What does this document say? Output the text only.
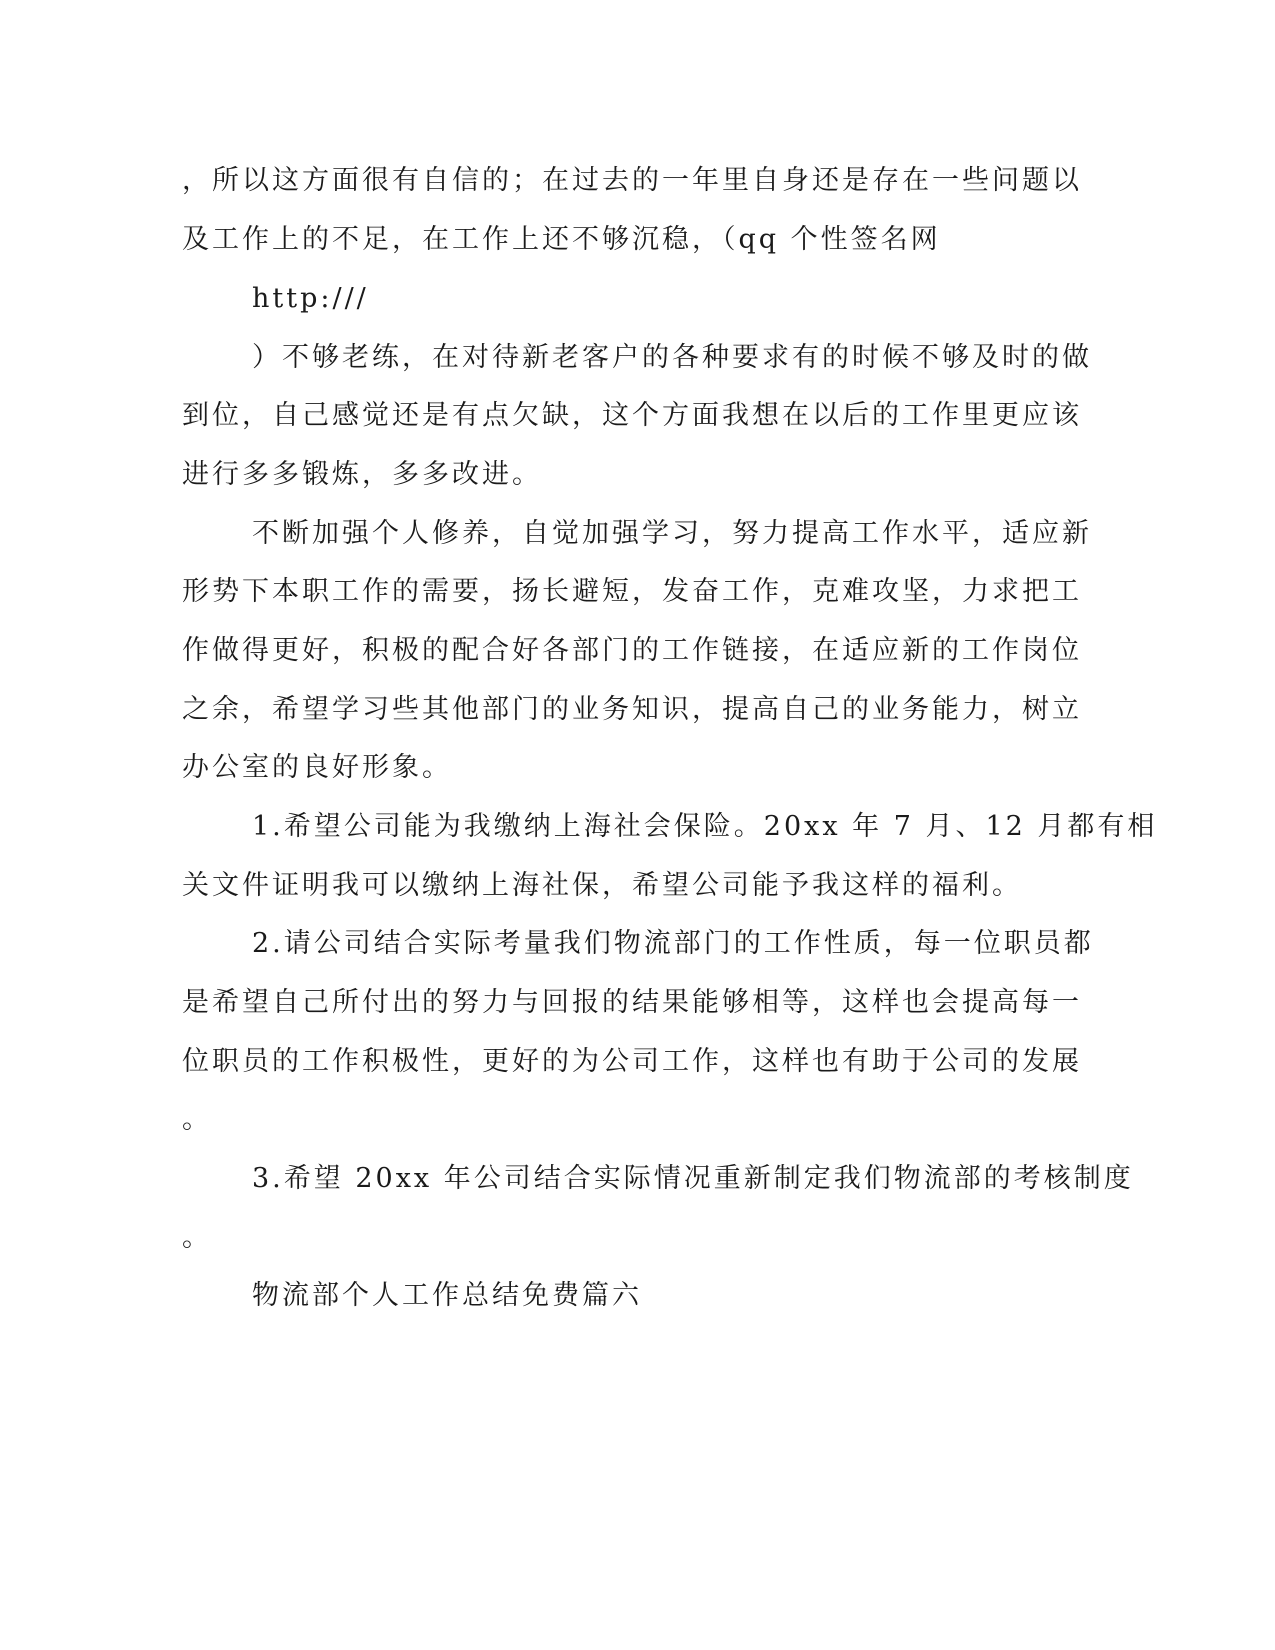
，所以这方面很有自信的；在过去的一年里自身还是存在一些问题以
及工作上的不足，在工作上还不够沉稳，（qq 个性签名网
http:///
）不够老练，在对待新老客户的各种要求有的时候不够及时的做
到位，自己感觉还是有点欠缺，这个方面我想在以后的工作里更应该
进行多多锻炼，多多改进。
不断加强个人修养，自觉加强学习，努力提高工作水平，适应新
形势下本职工作的需要，扬长避短，发奋工作，克难攻坚，力求把工
作做得更好，积极的配合好各部门的工作链接，在适应新的工作岗位
之余，希望学习些其他部门的业务知识，提高自己的业务能力，树立
办公室的良好形象。
1.希望公司能为我缴纳上海社会保险。20xx 年 7 月、12 月都有相
关文件证明我可以缴纳上海社保，希望公司能予我这样的福利。
2.请公司结合实际考量我们物流部门的工作性质，每一位职员都
是希望自己所付出的努力与回报的结果能够相等，这样也会提高每一
位职员的工作积极性，更好的为公司工作，这样也有助于公司的发展
。
3.希望 20xx 年公司结合实际情况重新制定我们物流部的考核制度
。
物流部个人工作总结免费篇六
